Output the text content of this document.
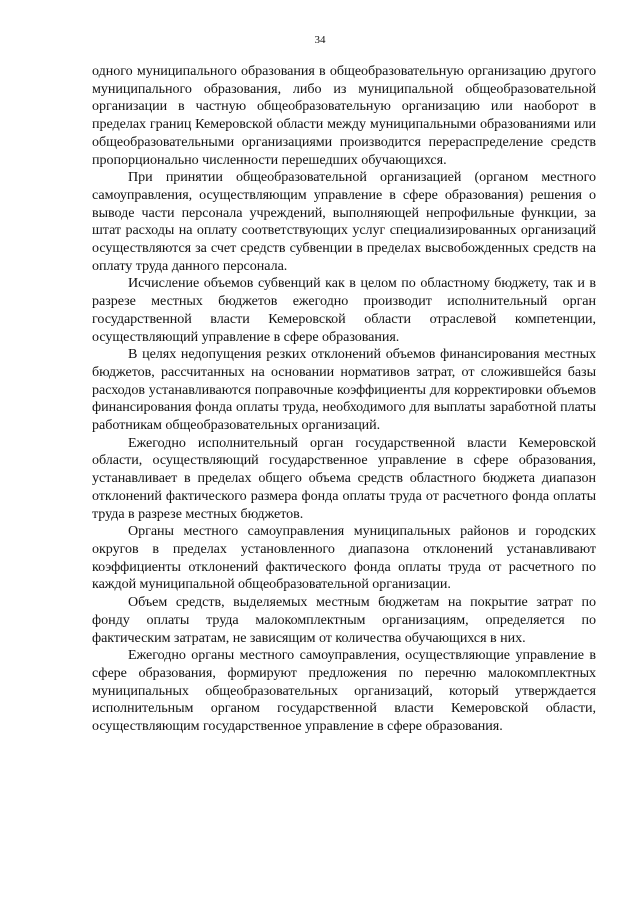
34

одного муниципального образования в общеобразовательную организацию другого муниципального образования, либо из муниципальной общеобразовательной организации в частную общеобразовательную организацию или наоборот в пределах границ Кемеровской области между муниципальными образованиями или общеобразовательными организациями производится перераспределение средств пропорционально численности перешедших обучающихся.

При принятии общеобразовательной организацией (органом местного самоуправления, осуществляющим управление в сфере образования) решения о выводе части персонала учреждений, выполняющей непрофильные функции, за штат расходы на оплату соответствующих услуг специализированных организаций осуществляются за счет средств субвенции в пределах высвобожденных средств на оплату труда данного персонала.

Исчисление объемов субвенций как в целом по областному бюджету, так и в разрезе местных бюджетов ежегодно производит исполнительный орган государственной власти Кемеровской области отраслевой компетенции, осуществляющий управление в сфере образования.

В целях недопущения резких отклонений объемов финансирования местных бюджетов, рассчитанных на основании нормативов затрат, от сложившейся базы расходов устанавливаются поправочные коэффициенты для корректировки объемов финансирования фонда оплаты труда, необходимого для выплаты заработной платы работникам общеобразовательных организаций.

Ежегодно исполнительный орган государственной власти Кемеровской области, осуществляющий государственное управление в сфере образования, устанавливает в пределах общего объема средств областного бюджета диапазон отклонений фактического размера фонда оплаты труда от расчетного фонда оплаты труда в разрезе местных бюджетов.

Органы местного самоуправления муниципальных районов и городских округов в пределах установленного диапазона отклонений устанавливают коэффициенты отклонений фактического фонда оплаты труда от расчетного по каждой муниципальной общеобразовательной организации.

Объем средств, выделяемых местным бюджетам на покрытие затрат по фонду оплаты труда малокомплектным организациям, определяется по фактическим затратам, не зависящим от количества обучающихся в них.

Ежегодно органы местного самоуправления, осуществляющие управление в сфере образования, формируют предложения по перечню малокомплектных муниципальных общеобразовательных организаций, который утверждается исполнительным органом государственной власти Кемеровской области, осуществляющим государственное управление в сфере образования.
